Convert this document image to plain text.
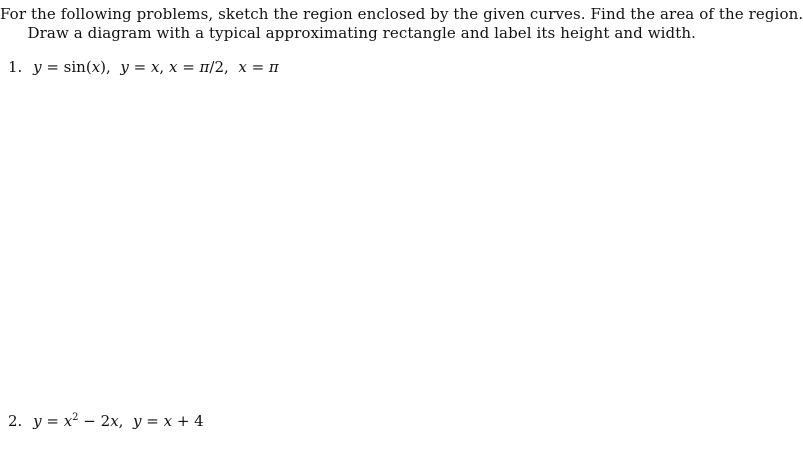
For the following problems, sketch the region enclosed by the given curves. Find the area of the region.
Draw a diagram with a typical approximating rectangle and label its height and width.
1. y = sin(x), y = x, x = π/2, x = π
2. $y = x^2 - 2x$, y = x + 4
